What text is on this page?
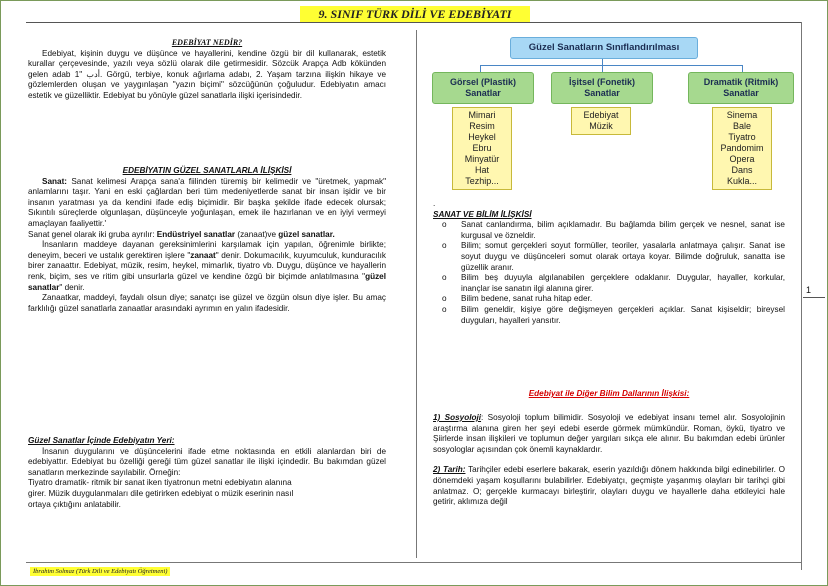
9. SINIF TÜRK DİLİ VE EDEBİYATI
1

EDEBİYAT NEDİR?

Edebiyat, kişinin duygu ve düşünce ve hayallerini, kendine özgü bir dil kullanarak, estetik kurallar çerçevesinde, yazılı veya sözlü olarak dile getirmesidir. Sözcük Arapça Adb kökünden gelen adab 1" أدب. Görgü, terbiye, konuk ağırlama adabı, 2. Yaşam tarzına ilişkin hikaye ve gözlemlerden oluşan ve yaygınlaşan "yazın biçimi" sözcüğünün çoğuludur. Edebiyatın amacı estetik ve güzelliktir. Edebiyat bu yönüyle güzel sanatlarla ilişki içerisindedir.

EDEBİYATIN GÜZEL SANATLARLA İLİŞKİSİ

Sanat: Sanat kelimesi Arapça sana'a fiilinden türemiş bir kelimedir ve "üretmek, yapmak" anlamlarını taşır. Yani en eski çağlardan beri tüm medeniyetlerde sanat bir insan işidir ve bir insanın yaratması ya da kendini ifade ediş biçimidir. Bir başka şekilde ifade edecek olursak; Sıkıntılı süreçlerde olgunlaşan, düşünceyle yoğunlaşan, emek ile hazırlanan ve en iyiyi vermeyi amaçlayan faaliyettir.'

Sanat genel olarak iki gruba ayrılır: Endüstriyel sanatlar (zanaat)ve güzel sanatlar.

İnsanların maddeye dayanan gereksinimlerini karşılamak için yapılan, öğrenimle birlikte; deneyim, beceri ve ustalık gerektiren işlere "zanaat" denir. Dokumacılık, kuyumculuk, kunduracılık birer zanaattır. Edebiyat, müzik, resim, heykel, mimarlık, tiyatro vb. Duygu, düşünce ve hayallerin renk, biçim, ses ve ritim gibi unsurlarla güzel ve kendine özgü bir biçimde anlatılmasına "güzel sanatlar" denir.

Zanaatkar, maddeyi, faydalı olsun diye; sanatçı ise güzel ve özgün olsun diye işler. Bu amaç farklılığı güzel sanatlarla zanaatlar arasındaki ayrımın en yalın ifadesidir.

Güzel Sanatlar İçinde Edebiyatın Yeri:

İnsanın duygularını ve düşüncelerini ifade etme noktasında en etkili alanlardan biri de edebiyattır. Edebiyat bu özelliği gereği tüm güzel sanatlar ile ilişki içindedir. Bu bakımdan güzel sanatların merkezinde sayılabilir. Örneğin:

Tiyatro dramatik- ritmik bir sanat iken tiyatronun metni edebiyatın alanına

girer. Müzik duygulanmaları dile getirirken edebiyat o müzik eserinin nasıl

ortaya çıktığını anlatabilir.

Güzel Sanatların Sınıflandırılması
Görsel (Plastik) Sanatlar
İşitsel (Fonetik) Sanatlar
Dramatik (Ritmik) Sanatlar
Mimari
Resim
Heykel
Ebru
Minyatür
Hat
Tezhip...
Edebiyat
Müzik
Sinema
Bale
Tiyatro
Pandomim
Opera
Dans
Kukla...

.

SANAT VE BİLİM İLİŞKİSİ

o Sanat canlandırma, bilim açıklamadır. Bu bağlamda bilim gerçek ve nesnel, sanat ise kurgusal ve özneldir.
o Bilim; somut gerçekleri soyut formüller, teoriler, yasalarla anlatmaya çalışır. Sanat ise soyut duygu ve düşünceleri somut olarak ortaya koyar. Bilimde doğruluk, sanatta ise güzellik aranır.
o Bilim beş duyuyla algılanabilen gerçeklere odaklanır. Duygular, hayaller, korkular, inançlar ise sanatın ilgi alanına girer.
o Bilim bedene, sanat ruha hitap eder.
o Bilim geneldir, kişiye göre değişmeyen gerçekleri açıklar. Sanat kişiseldir; bireysel duyguları, hayalleri yansıtır.

Edebiyat ile Diğer Bilim Dallarının İlişkisi:

1) Sosyoloji: Sosyoloji toplum bilimidir. Sosyoloji ve edebiyat insanı temel alır. Sosyolojinin araştırma alanına giren her şeyi edebi eserde görmek mümkündür. Roman, öykü, tiyatro ve Şiirlerde insan ilişkileri ve toplumun değer yargıları sıkça ele alınır. Bu bakımdan edebi ürünler sosyologlar açısından çok önemli kaynaklardır.

2) Tarih: Tarihçiler edebi eserlere bakarak, eserin yazıldığı dönem hakkında bilgi edinebilirler. O dönemdeki yaşam koşullarını bulabilirler. Edebiyatçı, geçmişte yaşanmış olayları bir tarihçi gibi anlatmaz. O; gerçekle kurmacayı birleştirir, olayları duygu ve hayallerle daha etkileyici hale getirir, aklımıza değil

İbrahim Solmaz (Türk Dili ve Edebiyatı Öğretmeni)
